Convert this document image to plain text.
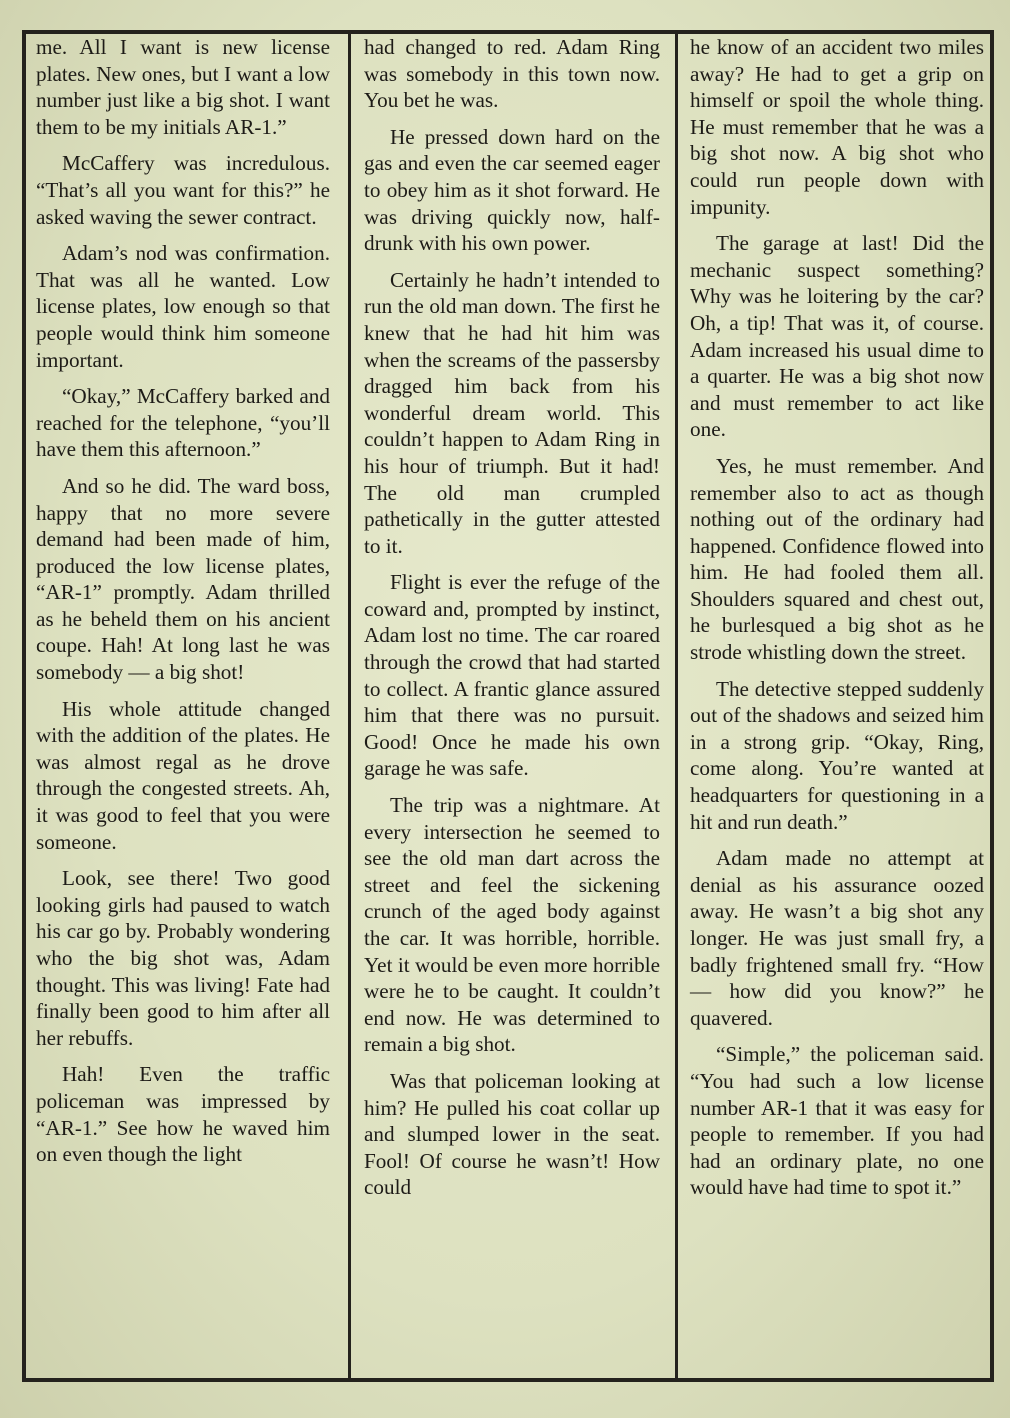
me. All I want is new license plates. New ones, but I want a low number just like a big shot. I want them to be my initials AR-1.”

McCaffery was incredulous. “That’s all you want for this?” he asked waving the sewer contract.

Adam’s nod was confirmation. That was all he wanted. Low license plates, low enough so that people would think him someone important.

“Okay,” McCaffery barked and reached for the telephone, “you’ll have them this afternoon.”

And so he did. The ward boss, happy that no more severe demand had been made of him, produced the low license plates, “AR-1” promptly. Adam thrilled as he beheld them on his ancient coupe. Hah! At long last he was somebody — a big shot!

His whole attitude changed with the addition of the plates. He was almost regal as he drove through the congested streets. Ah, it was good to feel that you were someone.

Look, see there! Two good looking girls had paused to watch his car go by. Probably wondering who the big shot was, Adam thought. This was living! Fate had finally been good to him after all her rebuffs.

Hah! Even the traffic policeman was impressed by “AR-1.” See how he waved him on even though the light

had changed to red. Adam Ring was somebody in this town now. You bet he was.

He pressed down hard on the gas and even the car seemed eager to obey him as it shot forward. He was driving quickly now, half-drunk with his own power.

Certainly he hadn’t intended to run the old man down. The first he knew that he had hit him was when the screams of the passersby dragged him back from his wonderful dream world. This couldn’t happen to Adam Ring in his hour of triumph. But it had! The old man crumpled pathetically in the gutter attested to it.

Flight is ever the refuge of the coward and, prompted by instinct, Adam lost no time. The car roared through the crowd that had started to collect. A frantic glance assured him that there was no pursuit. Good! Once he made his own garage he was safe.

The trip was a nightmare. At every intersection he seemed to see the old man dart across the street and feel the sickening crunch of the aged body against the car. It was horrible, horrible. Yet it would be even more horrible were he to be caught. It couldn’t end now. He was determined to remain a big shot.

Was that policeman looking at him? He pulled his coat collar up and slumped lower in the seat. Fool! Of course he wasn’t! How could

he know of an accident two miles away? He had to get a grip on himself or spoil the whole thing. He must remember that he was a big shot now. A big shot who could run people down with impunity.

The garage at last! Did the mechanic suspect something? Why was he loitering by the car? Oh, a tip! That was it, of course. Adam increased his usual dime to a quarter. He was a big shot now and must remember to act like one.

Yes, he must remember. And remember also to act as though nothing out of the ordinary had happened. Confidence flowed into him. He had fooled them all. Shoulders squared and chest out, he burlesqued a big shot as he strode whistling down the street.

The detective stepped suddenly out of the shadows and seized him in a strong grip. “Okay, Ring, come along. You’re wanted at headquarters for questioning in a hit and run death.”

Adam made no attempt at denial as his assurance oozed away. He wasn’t a big shot any longer. He was just small fry, a badly frightened small fry. “How — how did you know?” he quavered.

“Simple,” the policeman said. “You had such a low license number AR-1 that it was easy for people to remember. If you had had an ordinary plate, no one would have had time to spot it.”
